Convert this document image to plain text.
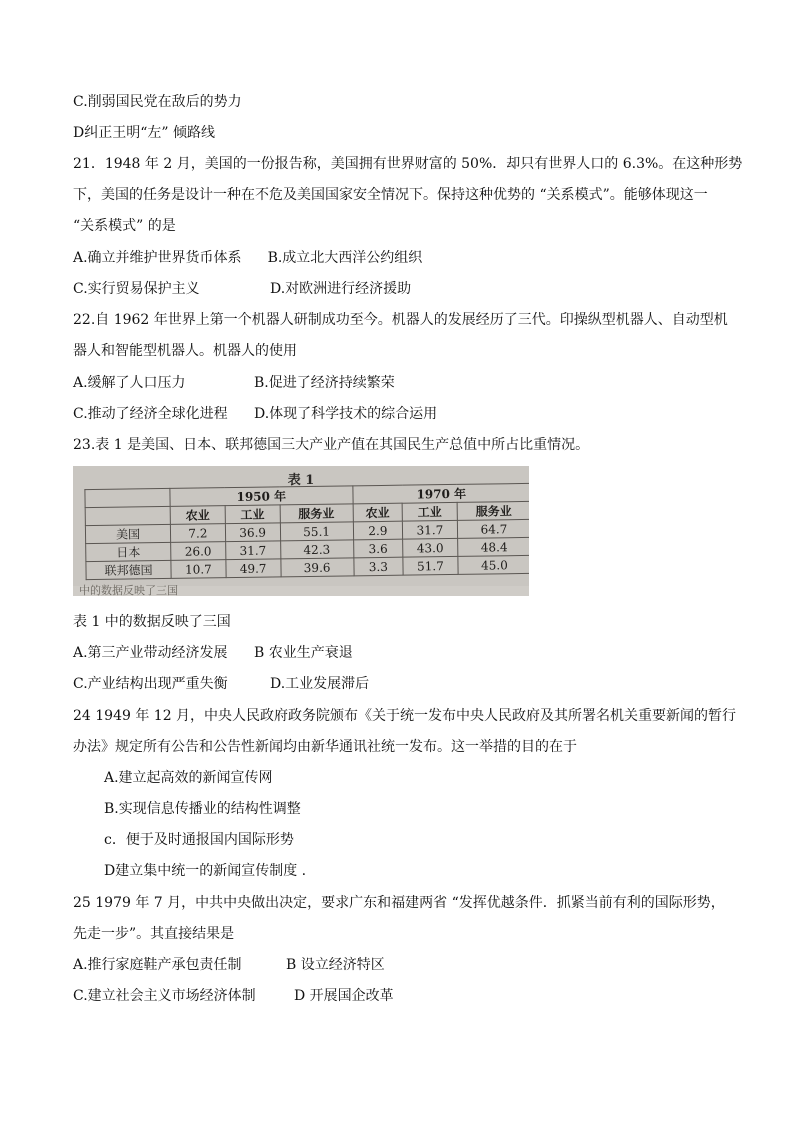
C.削弱国民党在敌后的势力
D纠正王明“左” 倾路线
21．1948 年 2 月，美国的一份报告称，美国拥有世界财富的 50%．却只有世界人口的 6.3%。在这种形势
下，美国的任务是设计一种在不危及美国国家安全情况下。保持这种优势的 “关系模式”。能够体现这一
“关系模式” 的是
A.确立并维护世界货币体系 B.成立北大西洋公约组织
C.实行贸易保护主义	D.对欧洲进行经济援助
22.自 1962 年世界上第一个机器人研制成功至今。机器人的发展经历了三代。印操纵型机器人、自动型机
器人和智能型机器人。机器人的使用
A.缓解了人口压力	B.促进了经济持续繁荣
C.推动了经济全球化进程 D.体现了科学技术的综合运用
23.表 1 是美国、日本、联邦德国三大产业产值在其国民生产总值中所占比重情况。
表 1
	1950 年			1970 年		
	农业	工业	服务业	农业	工业	服务业
美国	7.2	36.9	55.1	2.9	31.7	64.7
日本	26.0	31.7	42.3	3.6	43.0	48.4
联邦德国	10.7	49.7	39.6	3.3	51.7	45.0
中的数据反映了三国
表 1 中的数据反映了三国
A.第三产业带动经济发展 B 农业生产衰退
C.产业结构出现严重失衡	D.工业发展滞后
24 1949 年 12 月，中央人民政府政务院颁布《关于统一发布中央人民政府及其所署名机关重要新闻的暂行
办法》规定所有公告和公告性新闻均由新华通讯社统一发布。这一举措的目的在于
A.建立起高效的新闻宣传网
B.实现信息传播业的结构性调整
c．便于及时通报国内国际形势
D建立集中统一的新闻宣传制度 .
25 1979 年 7 月，中共中央做出决定，要求广东和福建两省 “发挥优越条件．抓紧当前有利的国际形势，
先走一步”。其直接结果是
A.推行家庭鞋产承包责任制	B 设立经济特区
C.建立社会主义市场经济体制	D 开展国企改革
